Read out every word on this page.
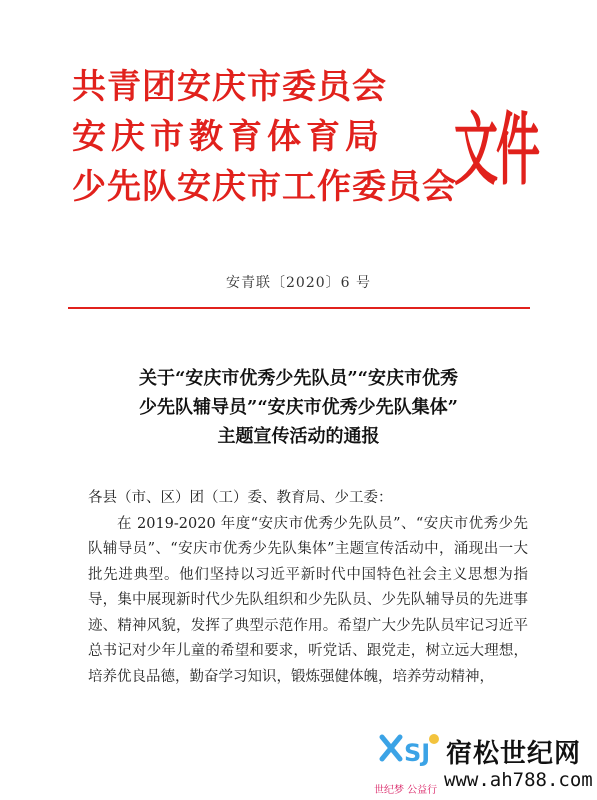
共青团安庆市委员会
安庆市教育体育局
少先队安庆市工作委员会
文件
安青联〔2020〕6 号
关于“安庆市优秀少先队员”“安庆市优秀
少先队辅导员”“安庆市优秀少先队集体”
主题宣传活动的通报

各县（市、区）团（工）委、教育局、少工委：

在 2019-2020 年度“安庆市优秀少先队员”、“安庆市优秀少先队辅导员”、“安庆市优秀少先队集体”主题宣传活动中，涌现出一大批先进典型。他们坚持以习近平新时代中国特色社会主义思想为指导，集中展现新时代少先队组织和少先队员、少先队辅导员的先进事迹、精神风貌，发挥了典型示范作用。希望广大少先队员牢记习近平总书记对少年儿童的希望和要求，听党话、跟党走，树立远大理想，培养优良品德，勤奋学习知识，锻炼强健体魄，培养劳动精神，

SJ 宿松世纪网
www.ah788.com
世纪梦 公益行
